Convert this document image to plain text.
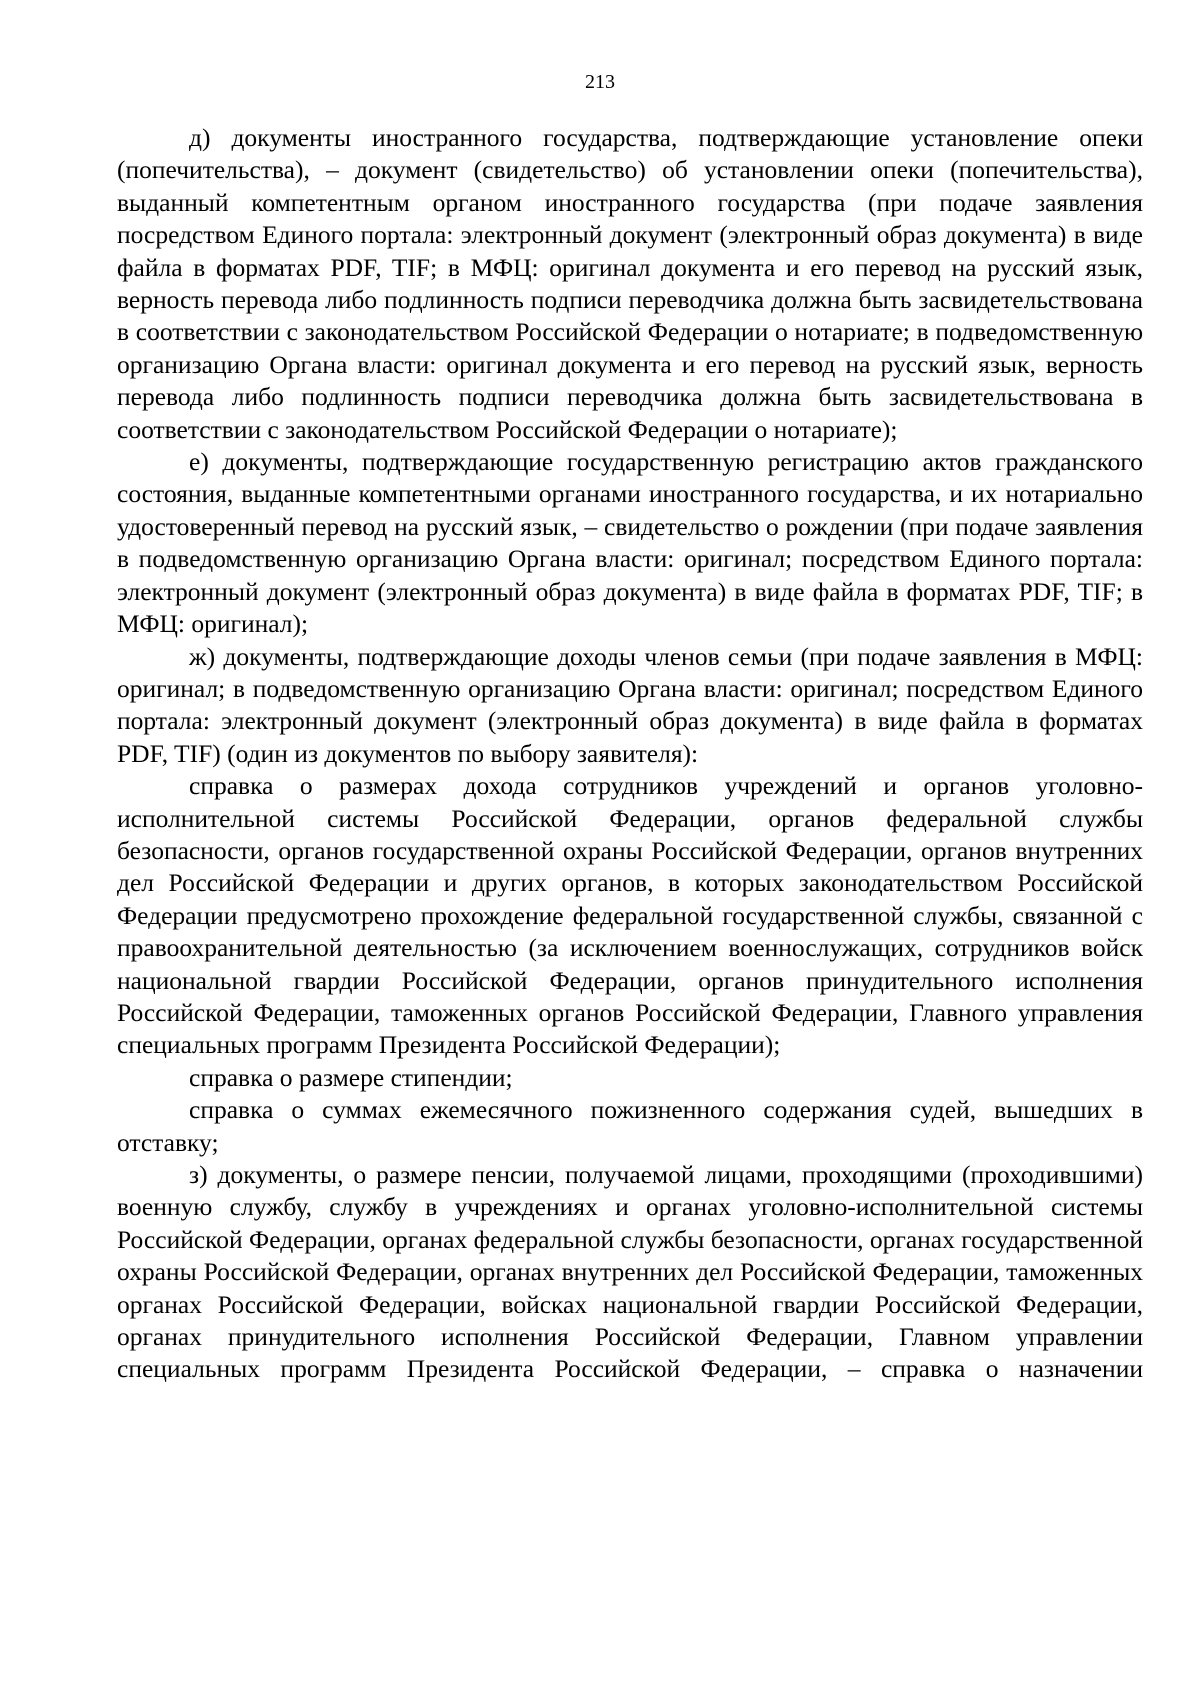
213

д) документы иностранного государства, подтверждающие установление опеки (попечительства), – документ (свидетельство) об установлении опеки (попечительства), выданный компетентным органом иностранного государства (при подаче заявления посредством Единого портала: электронный документ (электронный образ документа) в виде файла в форматах PDF, TIF; в МФЦ: оригинал документа и его перевод на русский язык, верность перевода либо подлинность подписи переводчика должна быть засвидетельствована в соответствии с законодательством Российской Федерации о нотариате; в подведомственную организацию Органа власти: оригинал документа и его перевод на русский язык, верность перевода либо подлинность подписи переводчика должна быть засвидетельствована в соответствии с законодательством Российской Федерации о нотариате);

е) документы, подтверждающие государственную регистрацию актов гражданского состояния, выданные компетентными органами иностранного государства, и их нотариально удостоверенный перевод на русский язык, – свидетельство о рождении (при подаче заявления в подведомственную организацию Органа власти: оригинал; посредством Единого портала: электронный документ (электронный образ документа) в виде файла в форматах PDF, TIF; в МФЦ: оригинал);

ж) документы, подтверждающие доходы членов семьи (при подаче заявления в МФЦ: оригинал; в подведомственную организацию Органа власти: оригинал; посредством Единого портала: электронный документ (электронный образ документа) в виде файла в форматах PDF, TIF) (один из документов по выбору заявителя):

справка о размерах дохода сотрудников учреждений и органов уголовно-исполнительной системы Российской Федерации, органов федеральной службы безопасности, органов государственной охраны Российской Федерации, органов внутренних дел Российской Федерации и других органов, в которых законодательством Российской Федерации предусмотрено прохождение федеральной государственной службы, связанной с правоохранительной деятельностью (за исключением военнослужащих, сотрудников войск национальной гвардии Российской Федерации, органов принудительного исполнения Российской Федерации, таможенных органов Российской Федерации, Главного управления специальных программ Президента Российской Федерации);

справка о размере стипендии;

справка о суммах ежемесячного пожизненного содержания судей, вышедших в отставку;

з) документы, о размере пенсии, получаемой лицами, проходящими (проходившими) военную службу, службу в учреждениях и органах уголовно-исполнительной системы Российской Федерации, органах федеральной службы безопасности, органах государственной охраны Российской Федерации, органах внутренних дел Российской Федерации, таможенных органах Российской Федерации, войсках национальной гвардии Российской Федерации, органах принудительного исполнения Российской Федерации, Главном управлении специальных программ Президента Российской Федерации, – справка о назначении
